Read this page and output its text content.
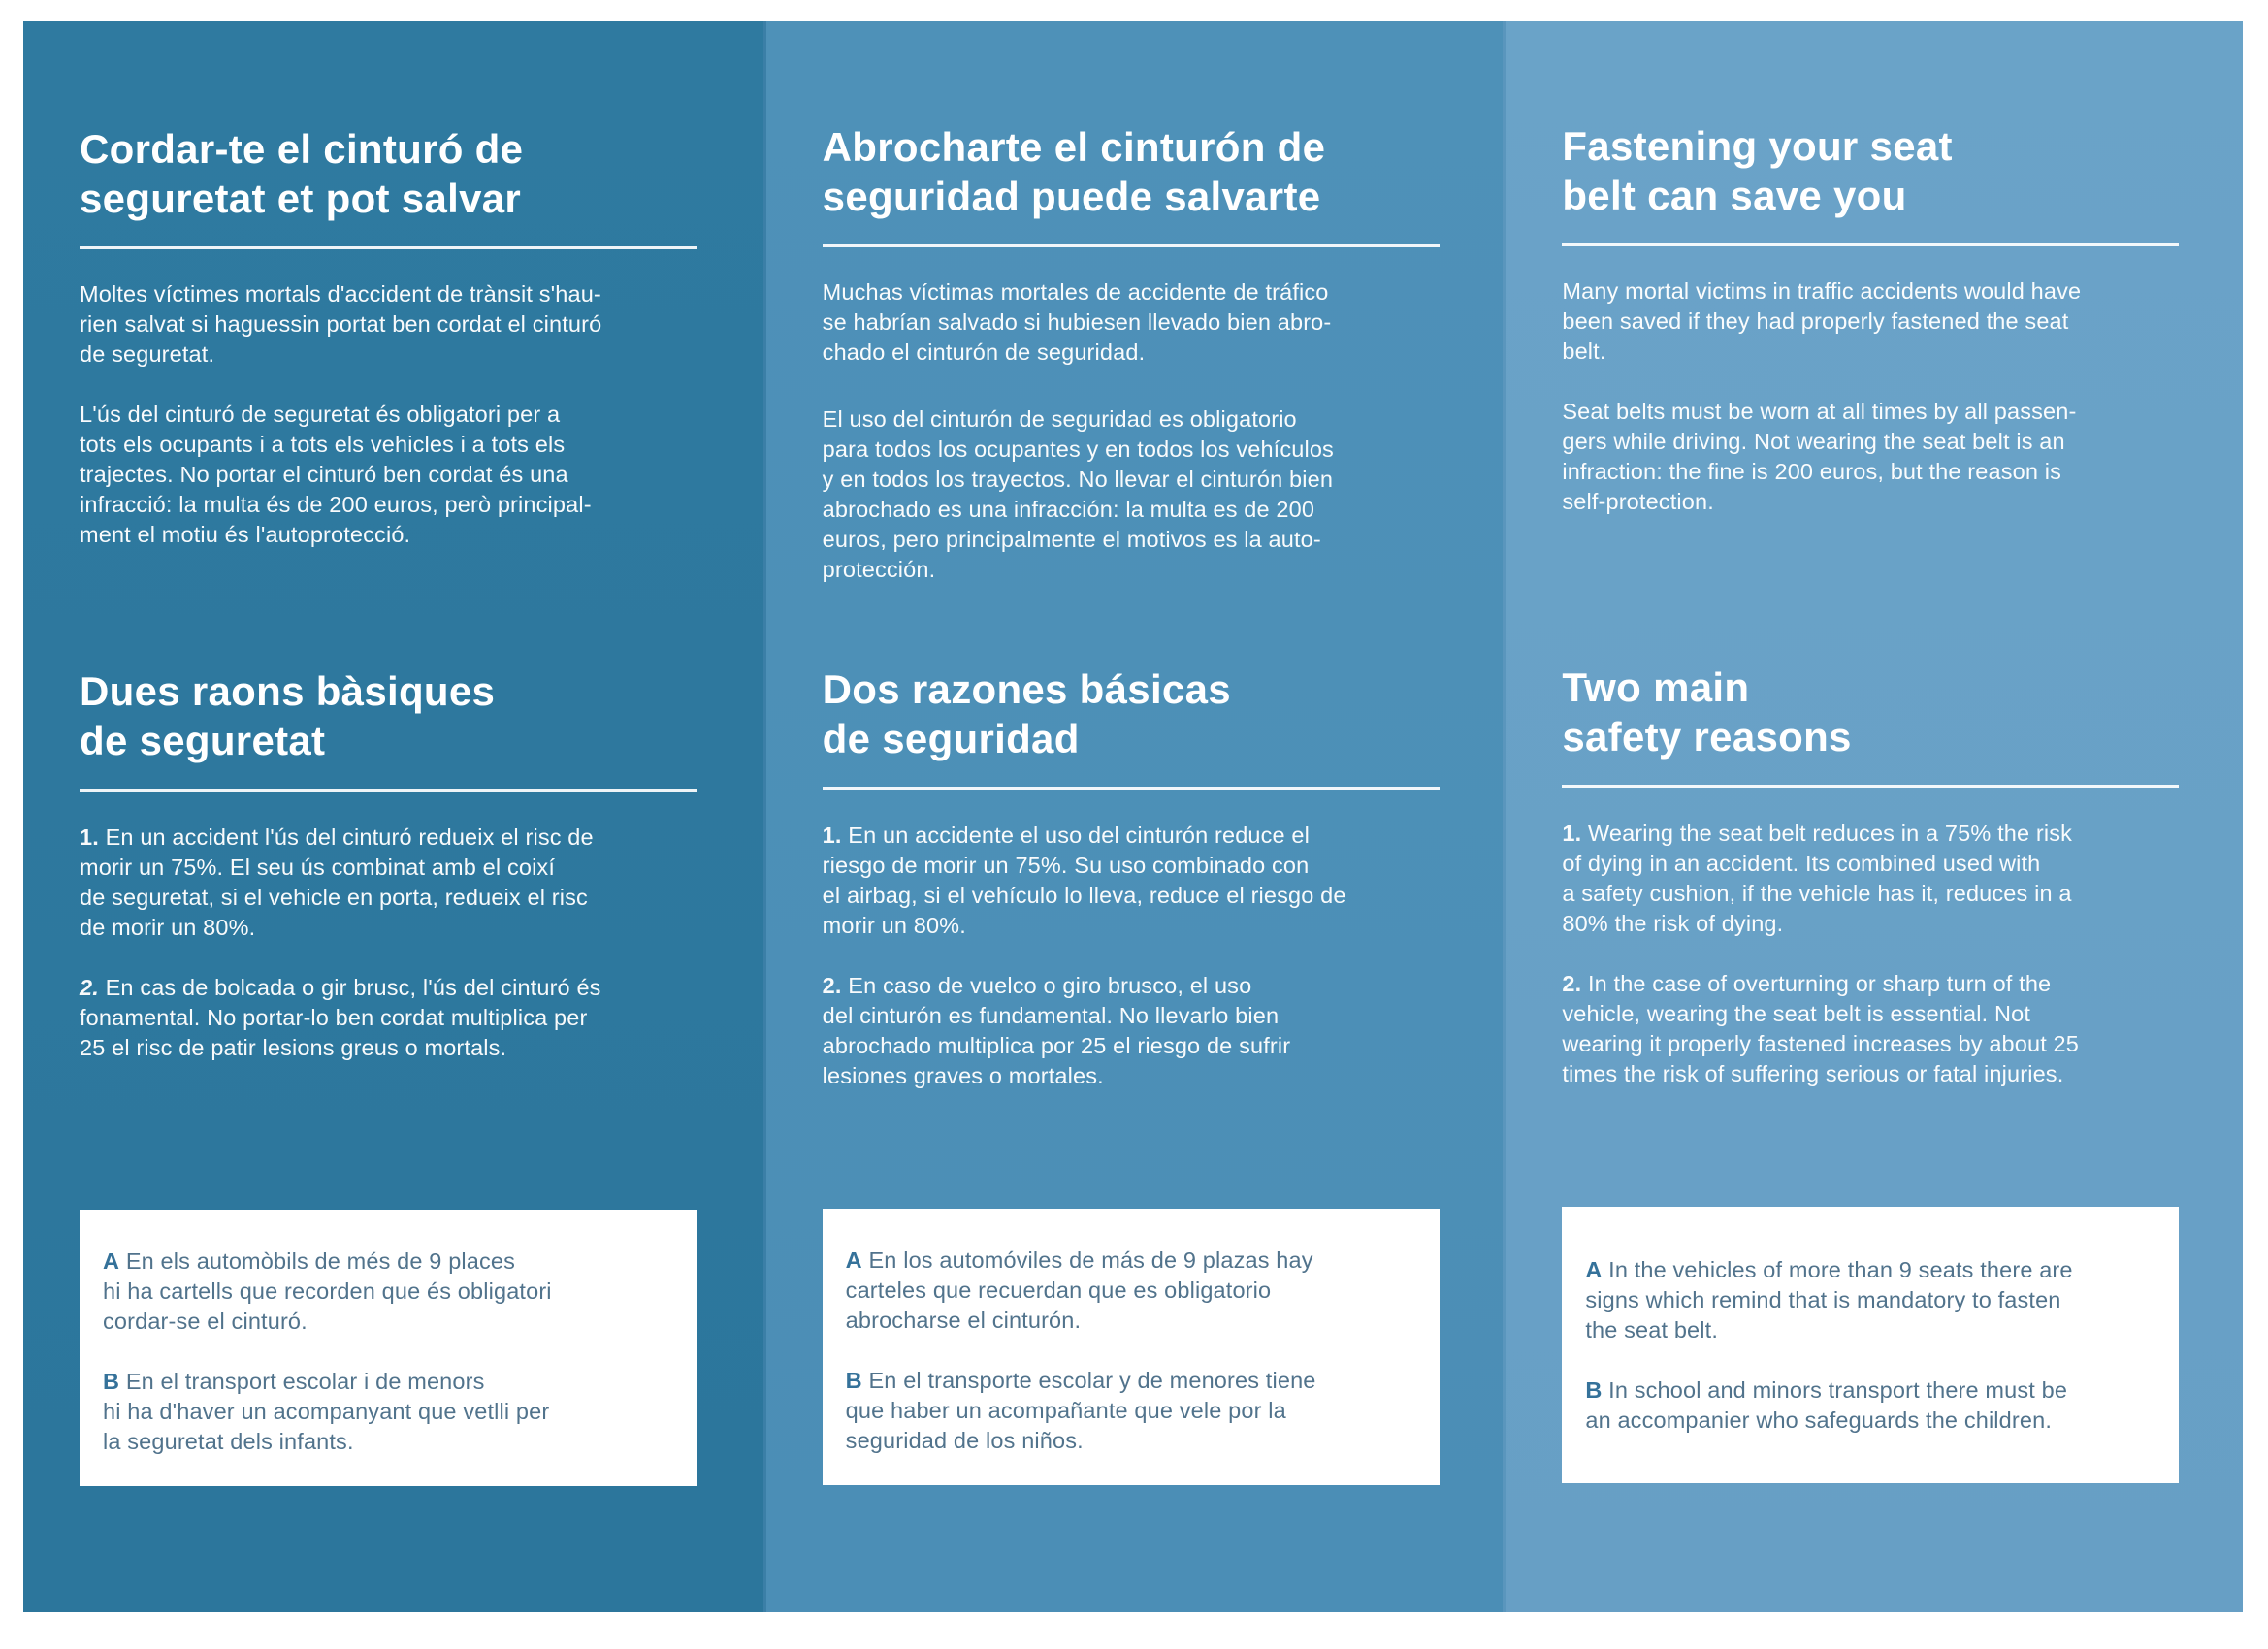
Cordar-te el cinturó de
seguretat et pot salvar
Moltes víctimes mortals d'accident de trànsit s'hau-
rien salvat si haguessin portat ben cordat el cinturó
de seguretat.
L'ús del cinturó de seguretat és obligatori per a
tots els ocupants i a tots els vehicles i a tots els
trajectes. No portar el cinturó ben cordat és una
infracció: la multa és de 200 euros, però principal-
ment el motiu és l'autoprotecció.
Dues raons bàsiques
de seguretat
1. En un accident l'ús del cinturó redueix el risc de
morir un 75%. El seu ús combinat amb el coixí
de seguretat, si el vehicle en porta, redueix el risc
de morir un 80%.
2. En cas de bolcada o gir brusc, l'ús del cinturó és
fonamental. No portar-lo ben cordat multiplica per
25 el risc de patir lesions greus o mortals.
A En els automòbils de més de 9 places
hi ha cartells que recorden que és obligatori
cordar-se el cinturó.
B En el transport escolar i de menors
hi ha d'haver un acompanyant que vetlli per
la seguretat dels infants.
Abrocharte el cinturón de
seguridad puede salvarte
Muchas víctimas mortales de accidente de tráfico
se habrían salvado si hubiesen llevado bien abro-
chado el cinturón de seguridad.
El uso del cinturón de seguridad es obligatorio
para todos los ocupantes y en todos los vehículos
y en todos los trayectos. No llevar el cinturón bien
abrochado es una infracción: la multa es de 200
euros, pero principalmente el motivos es la auto-
protección.
Dos razones básicas
de seguridad
1. En un accidente el uso del cinturón reduce el
riesgo de morir un 75%. Su uso combinado con
el airbag, si el vehículo lo lleva, reduce el riesgo de
morir un 80%.
2. En caso de vuelco o giro brusco, el uso
del cinturón es fundamental. No llevarlo bien
abrochado multiplica por 25 el riesgo de sufrir
lesiones graves o mortales.
A En los automóviles de más de 9 plazas hay
carteles que recuerdan que es obligatorio
abrocharse el cinturón.
B En el transporte escolar y de menores tiene
que haber un acompañante que vele por la
seguridad de los niños.
Fastening your seat
belt can save you
Many mortal victims in traffic accidents would have
been saved if they had properly fastened the seat
belt.
Seat belts must be worn at all times by all passen-
gers while driving. Not wearing the seat belt is an
infraction: the fine is 200 euros, but the reason is
self-protection.
Two main
safety reasons
1. Wearing the seat belt reduces in a 75% the risk
of dying in an accident. Its combined used with
a safety cushion, if the vehicle has it, reduces in a
80% the risk of dying.
2. In the case of overturning or sharp turn of the
vehicle, wearing the seat belt is essential. Not
wearing it properly fastened increases by about 25
times the risk of suffering serious or fatal injuries.
A In the vehicles of more than 9 seats there are
signs which remind that is mandatory to fasten
the seat belt.
B In school and minors transport there must be
an accompanier who safeguards the children.
